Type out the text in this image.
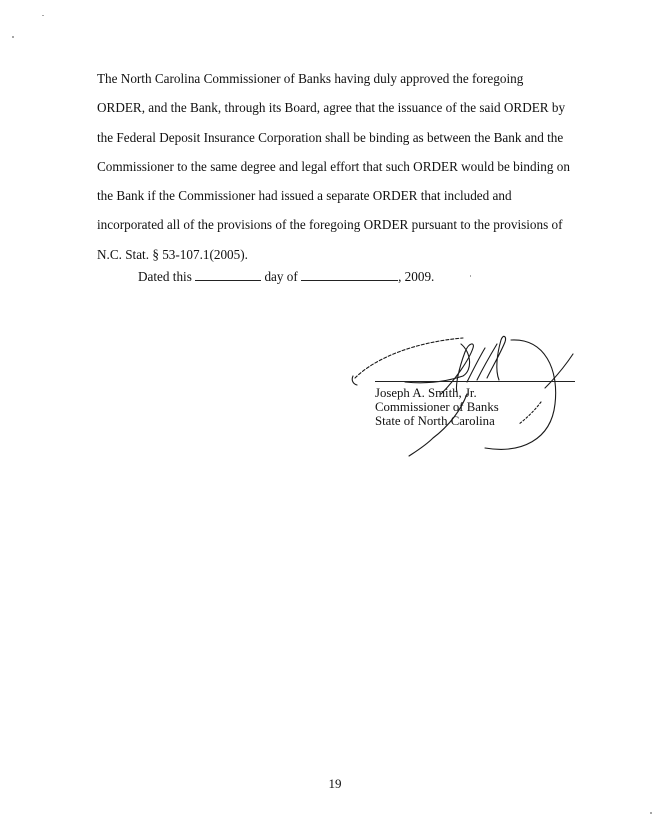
The North Carolina Commissioner of Banks having duly approved the foregoing
ORDER, and the Bank, through its Board, agree that the issuance of the said ORDER by
the Federal Deposit Insurance Corporation shall be binding as between the Bank and the
Commissioner to the same degree and legal effort that such ORDER would be binding on
the Bank if the Commissioner had issued a separate ORDER that included and
incorporated all of the provisions of the foregoing ORDER pursuant to the provisions of
N.C. Stat. § 53-107.1(2005).
Dated this	day of	, 2009.
Joseph A. Smith, Jr.
Commissioner of Banks
State of North Carolina
19
